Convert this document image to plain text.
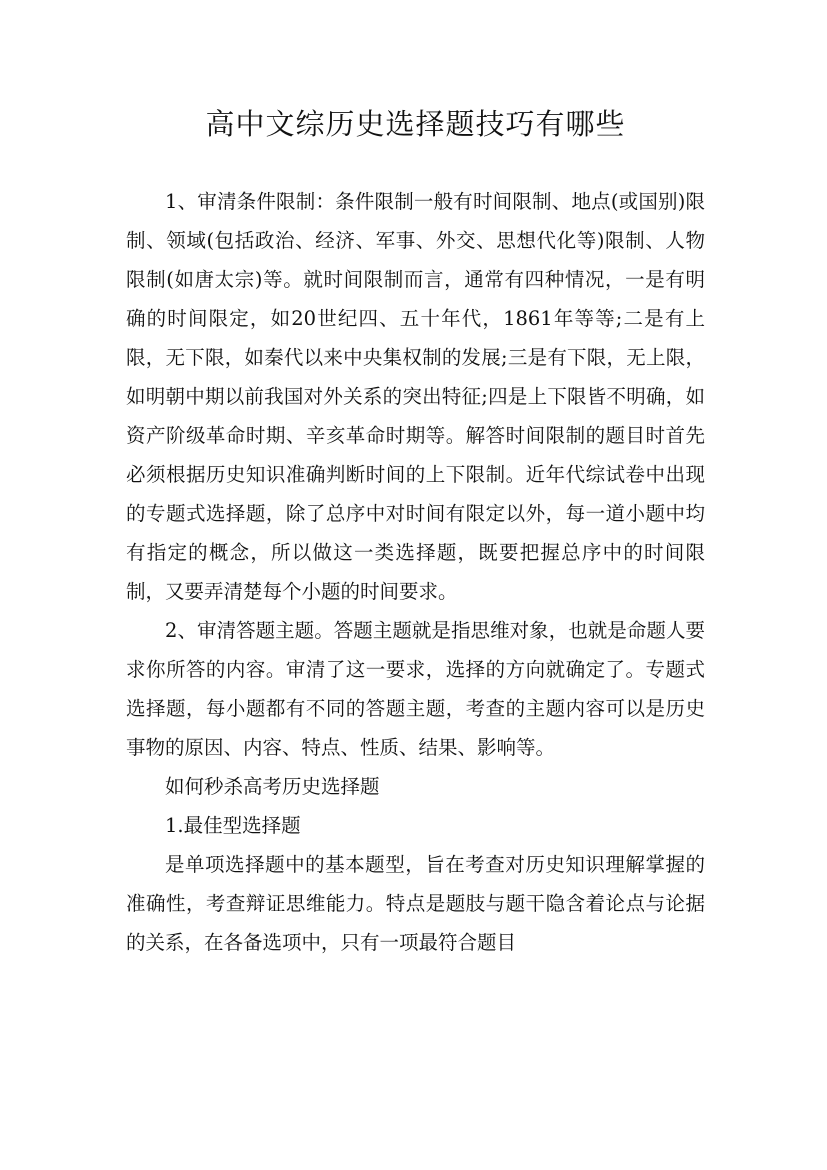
高中文综历史选择题技巧有哪些

1、审清条件限制：条件限制一般有时间限制、地点(或国别)限制、领域(包括政治、经济、军事、外交、思想代化等)限制、人物限制(如唐太宗)等。就时间限制而言，通常有四种情况，一是有明确的时间限定，如20世纪四、五十年代，1861年等等;二是有上限，无下限，如秦代以来中央集权制的发展;三是有下限，无上限，如明朝中期以前我国对外关系的突出特征;四是上下限皆不明确，如资产阶级革命时期、辛亥革命时期等。解答时间限制的题目时首先必须根据历史知识准确判断时间的上下限制。近年代综试卷中出现的专题式选择题，除了总序中对时间有限定以外，每一道小题中均有指定的概念，所以做这一类选择题，既要把握总序中的时间限制，又要弄清楚每个小题的时间要求。

2、审清答题主题。答题主题就是指思维对象，也就是命题人要求你所答的内容。审清了这一要求，选择的方向就确定了。专题式选择题，每小题都有不同的答题主题，考查的主题内容可以是历史事物的原因、内容、特点、性质、结果、影响等。

如何秒杀高考历史选择题

1.最佳型选择题

是单项选择题中的基本题型，旨在考查对历史知识理解掌握的准确性，考查辩证思维能力。特点是题肢与题干隐含着论点与论据的关系，在各备选项中，只有一项最符合题目
